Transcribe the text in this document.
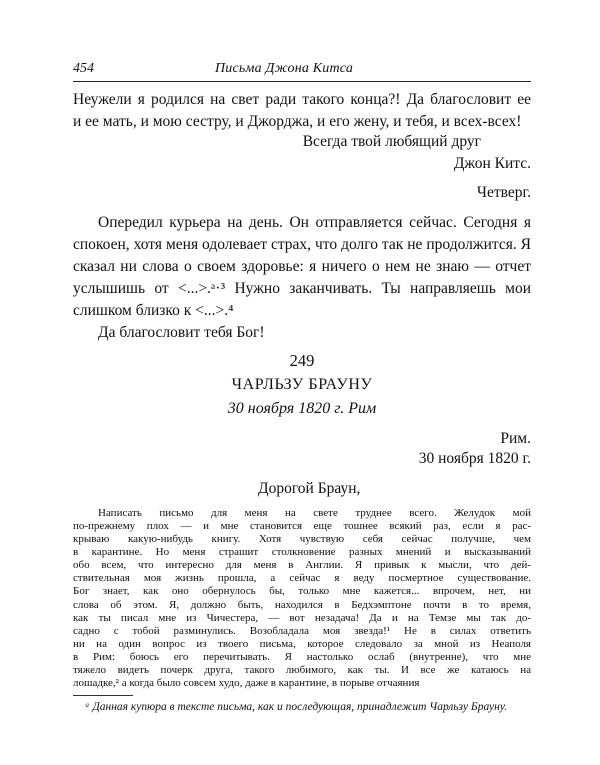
454	Письма Джона Китса

Неужели я родился на свет ради такого конца?! Да благословит ее

и ее мать, и мою сестру, и Джорджа, и его жену, и тебя, и всех-всех!

Всегда твой любящий друг

Джон Китс.

Четверг.

Опередил курьера на день. Он отправляется сейчас. Сегодня я

спокоен, хотя меня одолевает страх, что долго так не продолжится. Я

сказал ни слова о своем здоровье: я ничего о нем не знаю — отчет

услышишь от <...>.ᵃ·³ Нужно заканчивать. Ты направляешь мои

слишком близко к <...>.⁴

Да благословит тебя Бог!

249

ЧАРЛЬЗУ БРАУНУ

30 ноября 1820 г. Рим

Рим.

30 ноября 1820 г.

Дорогой Браун,

ᵃ Данная купюра в тексте письма, как и последующая, принадлежит Чарльзу Брауну.

Написать письмо для меня на свете труднее всего. Желудок мой

по-прежнему плох — и мне становится еще тошнее всякий раз, если я рас-

крываю какую-нибудь книгу. Хотя чувствую себя сейчас получше, чем

в карантине. Но меня страшит столкновение разных мнений и высказываний

обо всем, что интересно для меня в Англии. Я привык к мысли, что дей-

ствительная моя жизнь прошла, а сейчас я веду посмертное существование.

Бог знает, как оно обернулось бы, только мне кажется... впрочем, нет, ни

слова об этом. Я, должно быть, находился в Бедхэмптоне почти в то время,

как ты писал мне из Чичестера, — вот незадача! Да и на Темзе мы так до-

садно с тобой разминулись. Возобладала моя звезда!¹ Не в силах ответить

ни на один вопрос из твоего письма, которое следовало за мной из Неаполя

в Рим: боюсь его перечитывать. Я настолько ослаб (внутренне), что мне

тяжело видеть почерк друга, такого любимого, как ты. И все же катаюсь на

лошадке,² а когда было совсем худо, даже в карантине, в порыве отчаяния
